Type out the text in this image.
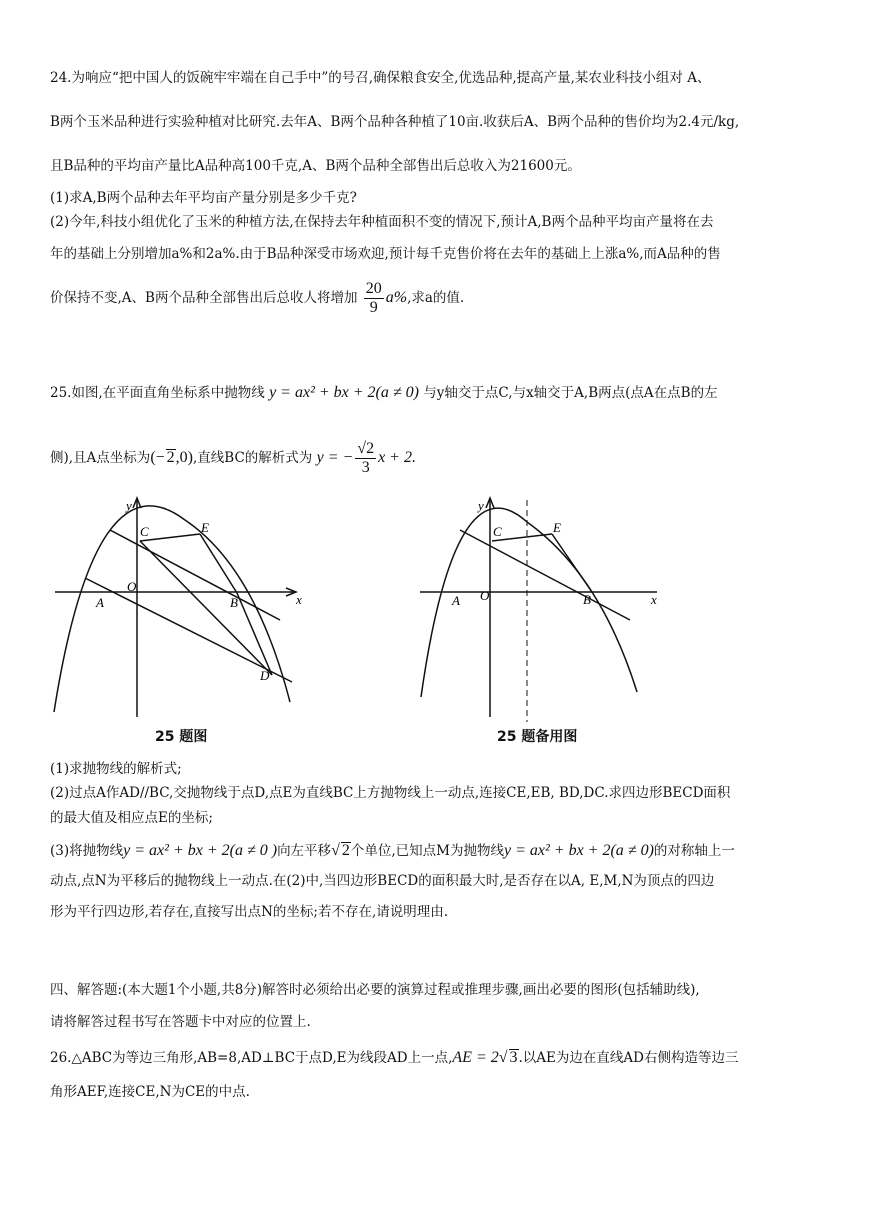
24.为响应“把中国人的饭碗牢牢端在自己手中”的号召,确保粮食安全,优选品种,提高产量,某农业科技小组对 A、
B两个玉米品种进行实验种植对比研究.去年A、B两个品种各种植了10亩.收获后A、B两个品种的售价均为2.4元/kg,
且B品种的平均亩产量比A品种高100千克,A、B两个品种全部售出后总收入为21600元。
(1)求A,B两个品种去年平均亩产量分别是多少千克?
(2)今年,科技小组优化了玉米的种植方法,在保持去年种植面积不变的情况下,预计A,B两个品种平均亩产量将在去
年的基础上分别增加a%和2a%.由于B品种深受市场欢迎,预计每千克售价将在去年的基础上上涨a%,而A品种的售
价保持不变,A、B两个品种全部售出后总收人将增加 $\frac{20}{9} a\%$,求a的值.
25.如图,在平面直角坐标系中抛物线 y = ax² + bx + 2(a ≠ 0) 与y轴交于点C,与x轴交于A,B两点(点A在点B的左
侧),且A点坐标为(− 2,0),直线BC的解析式为 y = − $\frac{√2}{3}$ x + 2.
y
x
C	E
A
O
B
D
25 题图
y
x
C	E
A O	B
25 题备用图
(1)求抛物线的解析式;
(2)过点A作AD//BC,交抛物线于点D,点E为直线BC上方抛物线上一动点,连接CE,EB, BD,DC.求四边形BECD面积
的最大值及相应点E的坐标;
(3)将抛物线y = ax² + bx + 2(a ≠ 0 )向左平移√ 2个单位,已知点M为抛物线y = ax² + bx + 2(a ≠ 0)的对称轴上一
动点,点N为平移后的抛物线上一动点.在(2)中,当四边形BECD的面积最大时,是否存在以A, E,M,N为顶点的四边
形为平行四边形,若存在,直接写出点N的坐标;若不存在,请说明理由.
四、解答题:(本大题1个小题,共8分)解答时必须给出必要的演算过程或推理步骤,画出必要的图形(包括辅助线),
请将解答过程书写在答题卡中对应的位置上.
26.△ABC为等边三角形,AB=8,AD⊥BC于点D,E为线段AD上一点,AE = 2√ 3.以AE为边在直线AD右侧构造等边三
角形AEF,连接CE,N为CE的中点.
